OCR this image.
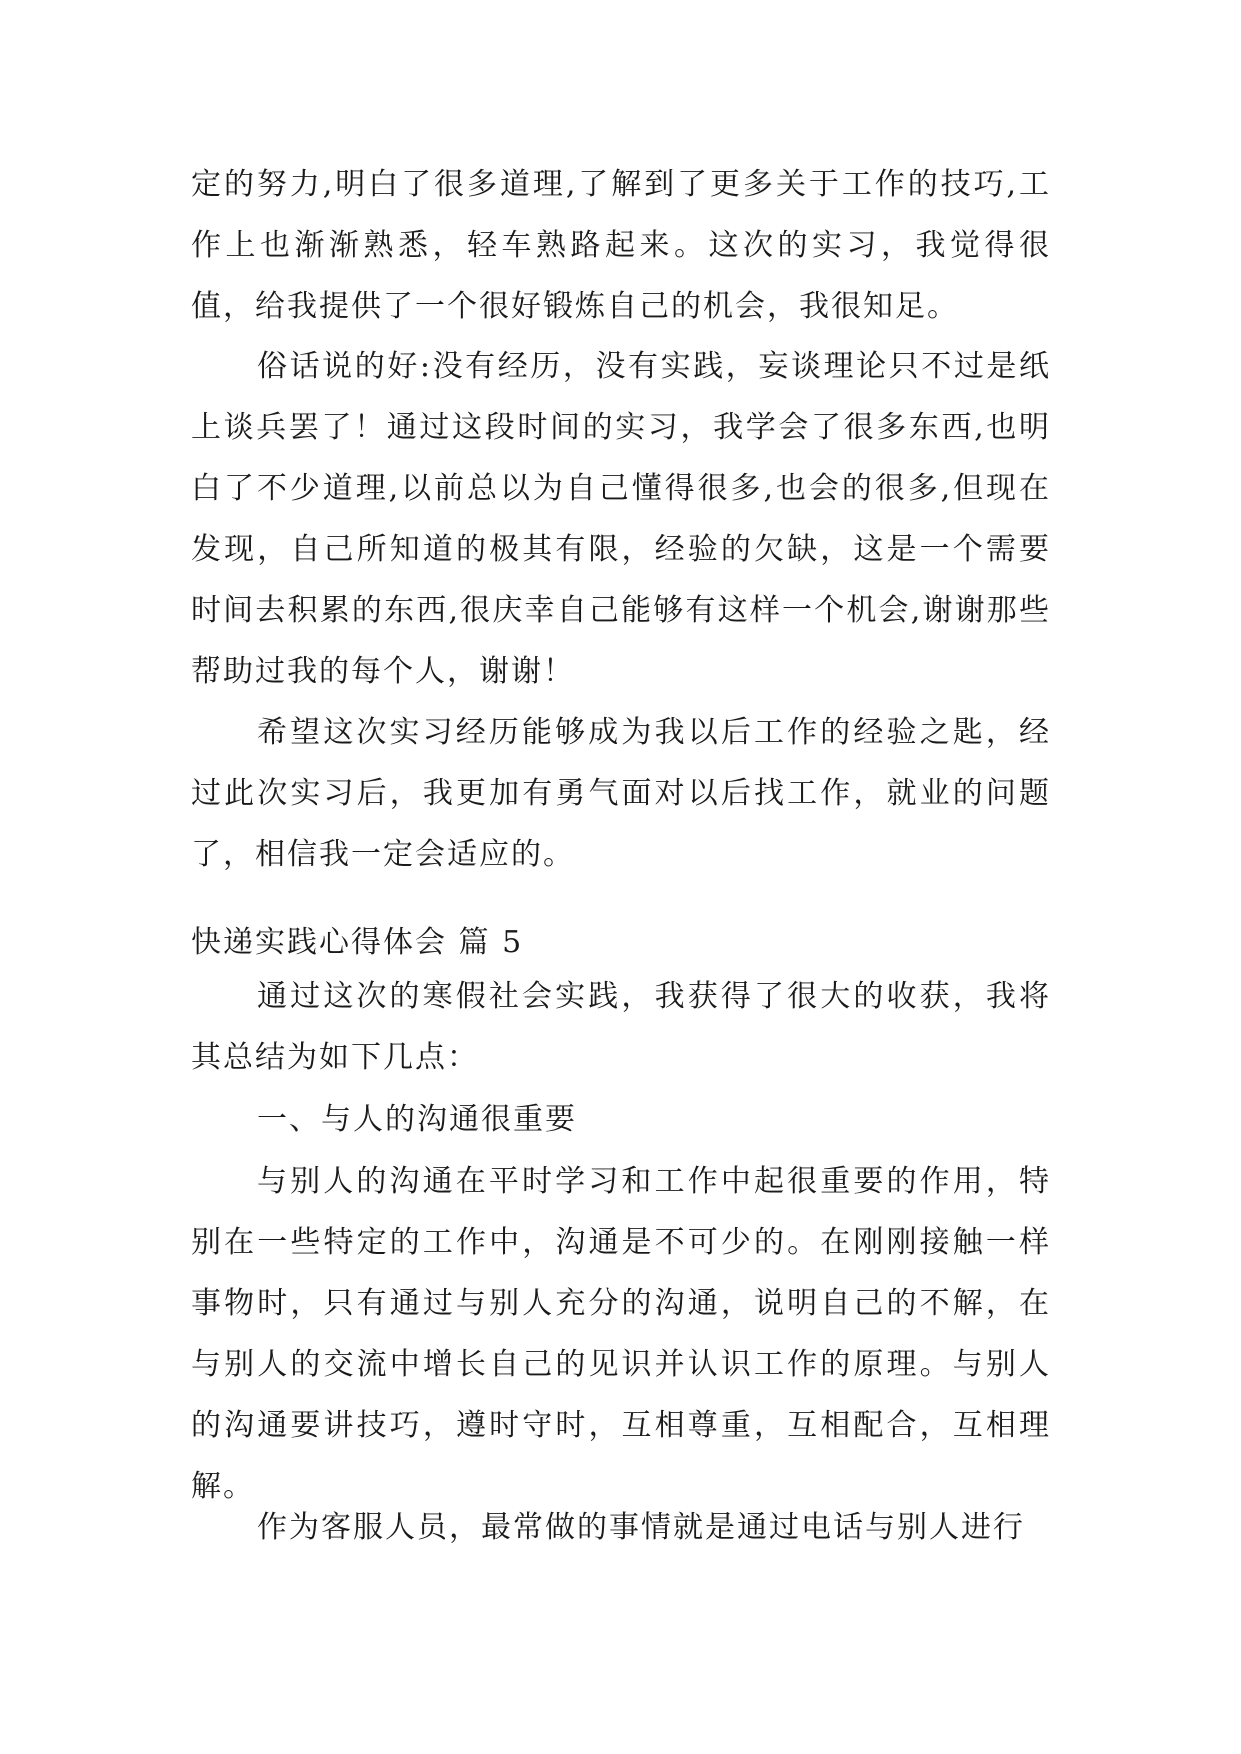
定的努力,明白了很多道理,了解到了更多关于工作的技巧,工作上也渐渐熟悉，轻车熟路起来。这次的实习，我觉得很值，给我提供了一个很好锻炼自己的机会，我很知足。

俗话说的好:没有经历，没有实践，妄谈理论只不过是纸上谈兵罢了！通过这段时间的实习，我学会了很多东西,也明白了不少道理,以前总以为自己懂得很多,也会的很多,但现在发现，自己所知道的极其有限，经验的欠缺，这是一个需要时间去积累的东西,很庆幸自己能够有这样一个机会,谢谢那些帮助过我的每个人，谢谢！

希望这次实习经历能够成为我以后工作的经验之匙，经过此次实习后，我更加有勇气面对以后找工作，就业的问题了，相信我一定会适应的。

快递实践心得体会 篇 5

通过这次的寒假社会实践，我获得了很大的收获，我将其总结为如下几点：

一、与人的沟通很重要

与别人的沟通在平时学习和工作中起很重要的作用，特别在一些特定的工作中，沟通是不可少的。在刚刚接触一样事物时，只有通过与别人充分的沟通，说明自己的不解，在与别人的交流中增长自己的见识并认识工作的原理。与别人的沟通要讲技巧，遵时守时，互相尊重，互相配合，互相理解。

作为客服人员，最常做的事情就是通过电话与别人进行
